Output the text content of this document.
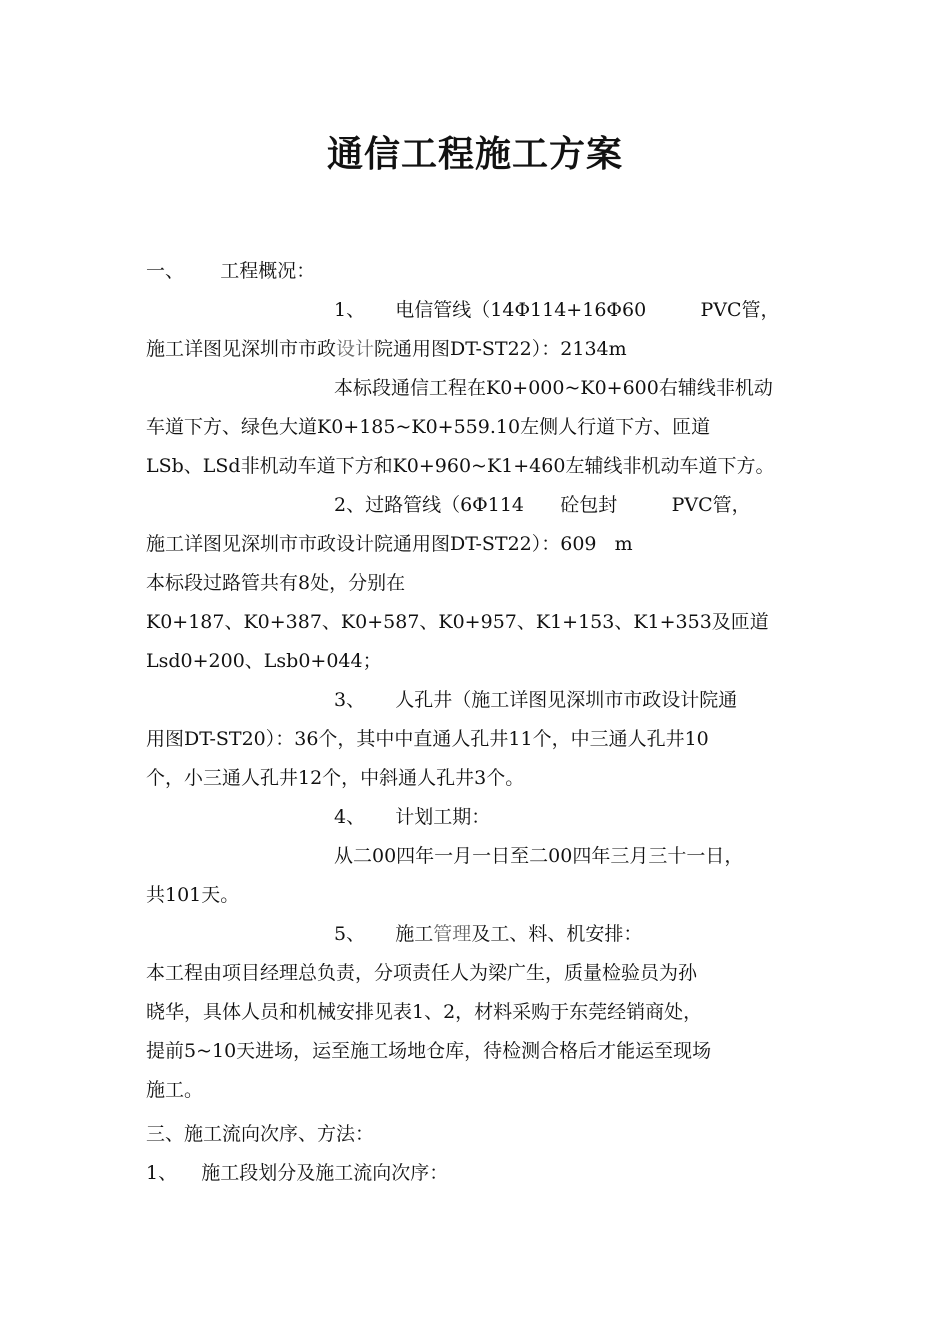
通信工程施工方案
一、      工程概况：
1、     电信管线（14Φ114+16Φ60         PVC管，
施工详图见深圳市市政设计院通用图DT-ST22）：2134m
本标段通信工程在K0+000~K0+600右辅线非机动
车道下方、绿色大道K0+185~K0+559.10左侧人行道下方、匝道
LSb、LSd非机动车道下方和K0+960~K1+460左辅线非机动车道下方。
2、过路管线（6Φ114      砼包封         PVC管，
施工详图见深圳市市政设计院通用图DT-ST22）：609   m
本标段过路管共有8处，分别在
K0+187、K0+387、K0+587、K0+957、K1+153、K1+353及匝道
Lsd0+200、Lsb0+044；
3、     人孔井（施工详图见深圳市市政设计院通
用图DT-ST20）：36个，其中中直通人孔井11个，中三通人孔井10
个，小三通人孔井12个，中斜通人孔井3个。
4、     计划工期：
从二00四年一月一日至二00四年三月三十一日，
共101天。
5、     施工管理及工、料、机安排：
本工程由项目经理总负责，分项责任人为梁广生，质量检验员为孙
晓华，具体人员和机械安排见表1、2，材料采购于东莞经销商处，
提前5~10天进场，运至施工场地仓库，待检测合格后才能运至现场
施工。
三、施工流向次序、方法：
1、    施工段划分及施工流向次序：
